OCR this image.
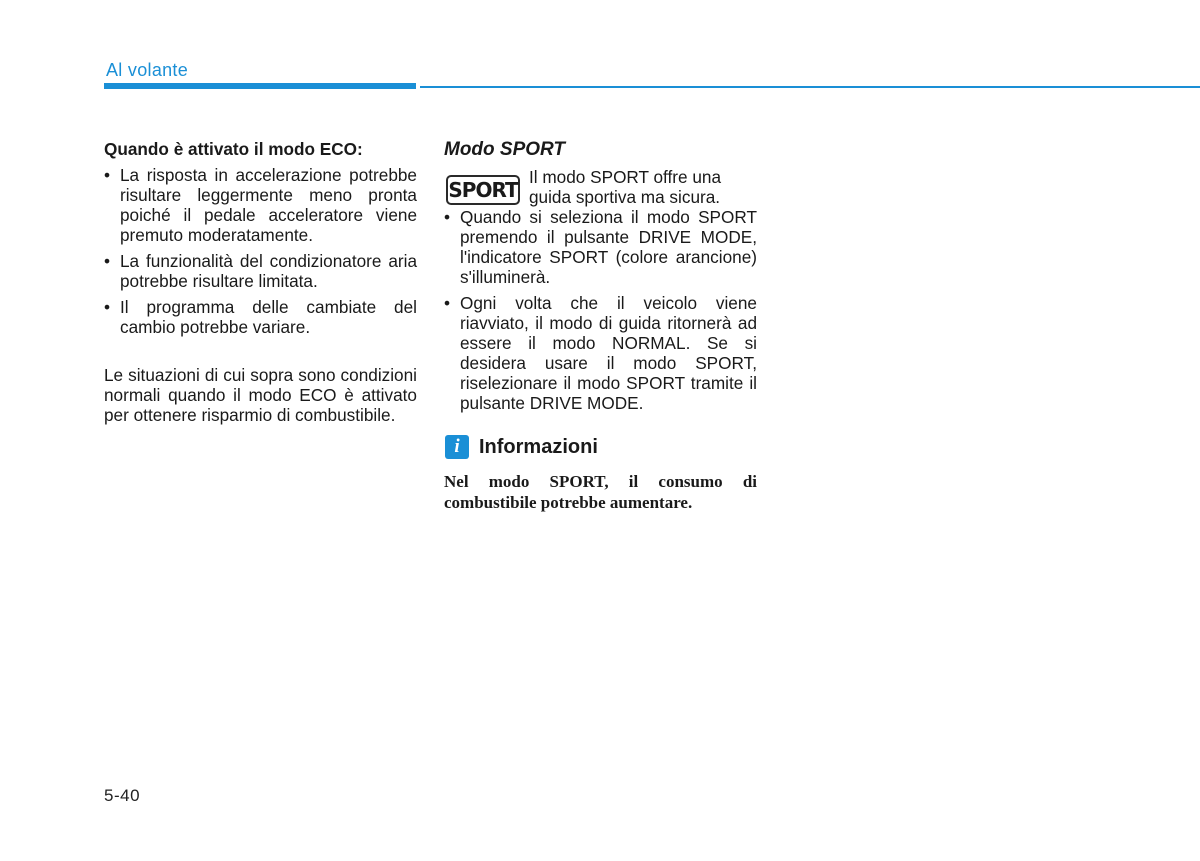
Al volante
Quando è attivato il modo ECO:
• La risposta in accelerazione potrebbe risultare leggermente meno pronta poiché il pedale acceleratore viene premuto moderatamente.
• La funzionalità del condizionatore aria potrebbe risultare limitata.
• Il programma delle cambiate del cambio potrebbe variare.
Le situazioni di cui sopra sono condizioni normali quando il modo ECO è attivato per ottenere risparmio di combustibile.
Modo SPORT
SPORT
Il modo SPORT offre una guida sportiva ma sicura.
• Quando si seleziona il modo SPORT premendo il pulsante DRIVE MODE, l'indicatore SPORT (colore arancione) s'illuminerà.
• Ogni volta che il veicolo viene riavviato, il modo di guida ritornerà ad essere il modo NORMAL. Se si desidera usare il modo SPORT, riselezionare il modo SPORT tramite il pulsante DRIVE MODE.
i Informazioni
Nel modo SPORT, il consumo di combustibile potrebbe aumentare.
5-40
